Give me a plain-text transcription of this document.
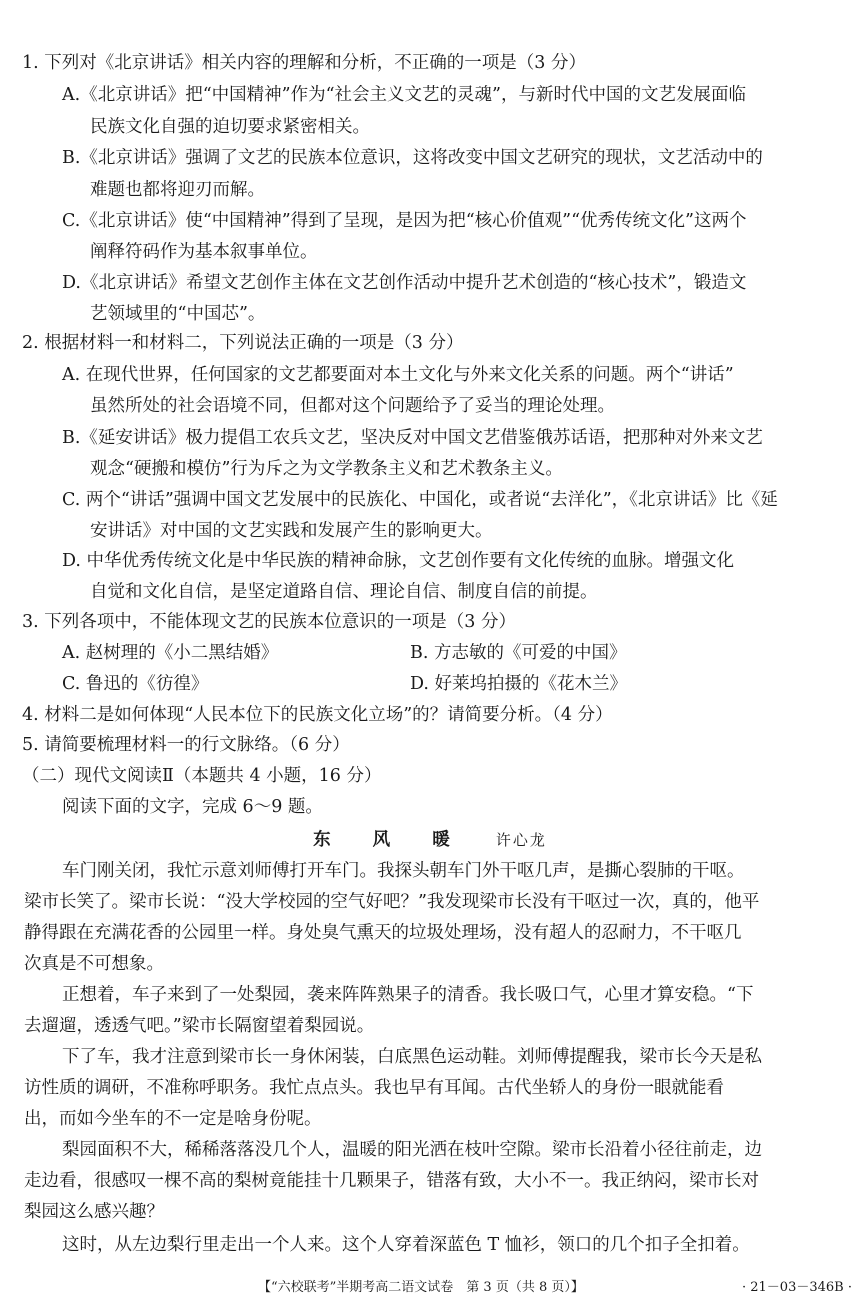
1. 下列对《北京讲话》相关内容的理解和分析，不正确的一项是（3 分）
A.《北京讲话》把“中国精神”作为“社会主义文艺的灵魂”，与新时代中国的文艺发展面临
民族文化自强的迫切要求紧密相关。
B.《北京讲话》强调了文艺的民族本位意识，这将改变中国文艺研究的现状，文艺活动中的
难题也都将迎刃而解。
C.《北京讲话》使“中国精神”得到了呈现，是因为把“核心价值观”“优秀传统文化”这两个
阐释符码作为基本叙事单位。
D.《北京讲话》希望文艺创作主体在文艺创作活动中提升艺术创造的“核心技术”，锻造文
艺领域里的“中国芯”。
2. 根据材料一和材料二，下列说法正确的一项是（3 分）
A. 在现代世界，任何国家的文艺都要面对本土文化与外来文化关系的问题。两个“讲话”
虽然所处的社会语境不同，但都对这个问题给予了妥当的理论处理。
B.《延安讲话》极力提倡工农兵文艺，坚决反对中国文艺借鉴俄苏话语，把那种对外来文艺
观念“硬搬和模仿”行为斥之为文学教条主义和艺术教条主义。
C. 两个“讲话”强调中国文艺发展中的民族化、中国化，或者说“去洋化”，《北京讲话》比《延
安讲话》对中国的文艺实践和发展产生的影响更大。
D. 中华优秀传统文化是中华民族的精神命脉，文艺创作要有文化传统的血脉。增强文化
自觉和文化自信，是坚定道路自信、理论自信、制度自信的前提。
3. 下列各项中，不能体现文艺的民族本位意识的一项是（3 分）
A. 赵树理的《小二黑结婚》	B. 方志敏的《可爱的中国》
C. 鲁迅的《彷徨》	D. 好莱坞拍摄的《花木兰》
4. 材料二是如何体现“人民本位下的民族文化立场”的？请简要分析。（4 分）
5. 请简要梳理材料一的行文脉络。（6 分）
（二）现代文阅读Ⅱ（本题共 4 小题，16 分）
阅读下面的文字，完成 6～9 题。
东 风 暖 许心龙
车门刚关闭，我忙示意刘师傅打开车门。我探头朝车门外干呕几声，是撕心裂肺的干呕。
梁市长笑了。梁市长说：“没大学校园的空气好吧？”我发现梁市长没有干呕过一次，真的，他平
静得跟在充满花香的公园里一样。身处臭气熏天的垃圾处理场，没有超人的忍耐力，不干呕几
次真是不可想象。
正想着，车子来到了一处梨园，袭来阵阵熟果子的清香。我长吸口气，心里才算安稳。“下
去遛遛，透透气吧。”梁市长隔窗望着梨园说。
下了车，我才注意到梁市长一身休闲装，白底黑色运动鞋。刘师傅提醒我，梁市长今天是私
访性质的调研，不准称呼职务。我忙点点头。我也早有耳闻。古代坐轿人的身份一眼就能看
出，而如今坐车的不一定是啥身份呢。
梨园面积不大，稀稀落落没几个人，温暖的阳光洒在枝叶空隙。梁市长沿着小径往前走，边
走边看，很感叹一棵不高的梨树竟能挂十几颗果子，错落有致，大小不一。我正纳闷，梁市长对
梨园这么感兴趣？
这时，从左边梨行里走出一个人来。这个人穿着深蓝色 T 恤衫，领口的几个扣子全扣着。
【“六校联考”半期考高二语文试卷　第 3 页（共 8 页）】	· 21－03－346B ·
